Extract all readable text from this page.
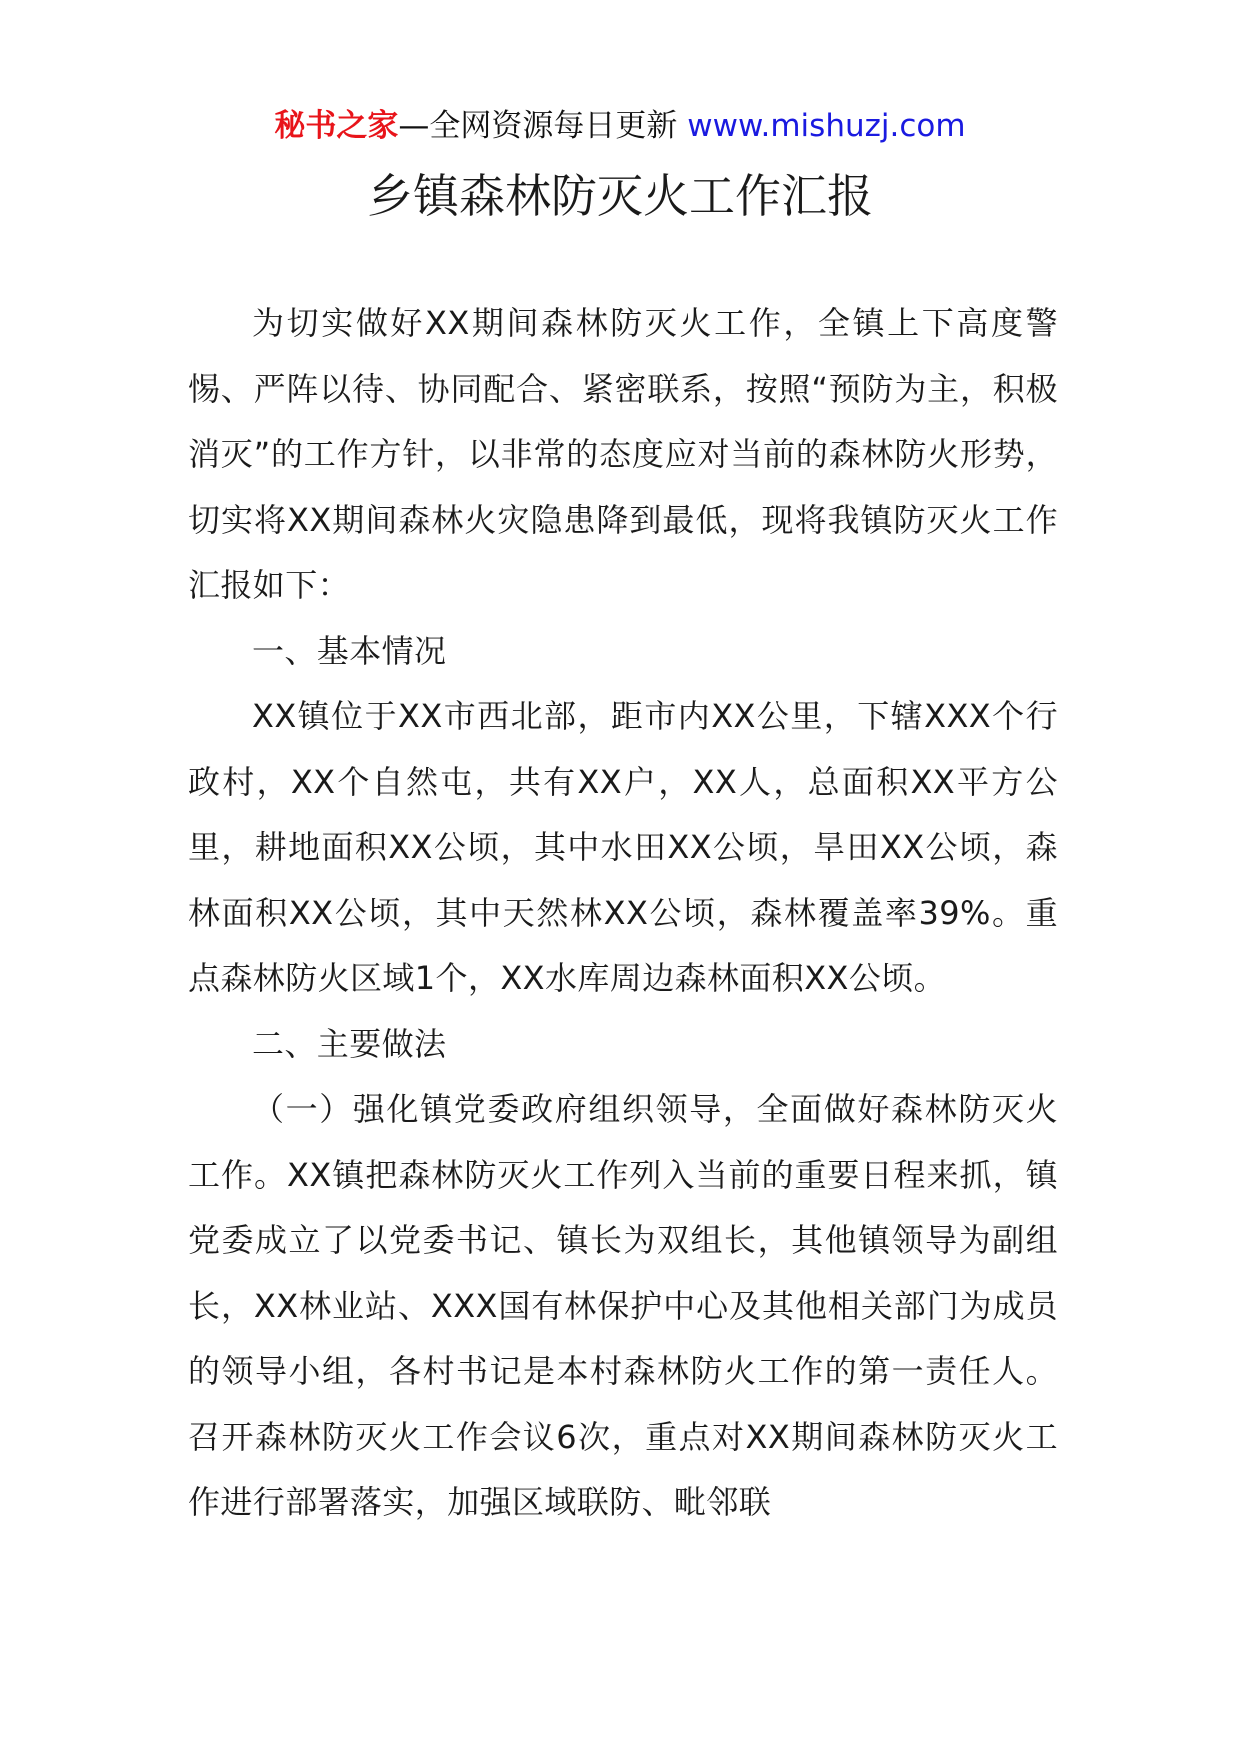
秘书之家—全网资源每日更新 www.mishuzj.com
乡镇森林防灭火工作汇报

为切实做好XX期间森林防灭火工作，全镇上下高度警惕、严阵以待、协同配合、紧密联系，按照“预防为主，积极消灭”的工作方针，以非常的态度应对当前的森林防火形势，切实将XX期间森林火灾隐患降到最低，现将我镇防灭火工作汇报如下：

一、基本情况

XX镇位于XX市西北部，距市内XX公里，下辖XXX个行政村，XX个自然屯，共有XX户，XX人，总面积XX平方公里，耕地面积XX公顷，其中水田XX公顷，旱田XX公顷，森林面积XX公顷，其中天然林XX公顷，森林覆盖率39%。重点森林防火区域1个，XX水库周边森林面积XX公顷。

二、主要做法

（一）强化镇党委政府组织领导，全面做好森林防灭火工作。XX镇把森林防灭火工作列入当前的重要日程来抓，镇党委成立了以党委书记、镇长为双组长，其他镇领导为副组长，XX林业站、XXX国有林保护中心及其他相关部门为成员的领导小组，各村书记是本村森林防火工作的第一责任人。召开森林防灭火工作会议6次，重点对XX期间森林防灭火工作进行部署落实，加强区域联防、毗邻联
